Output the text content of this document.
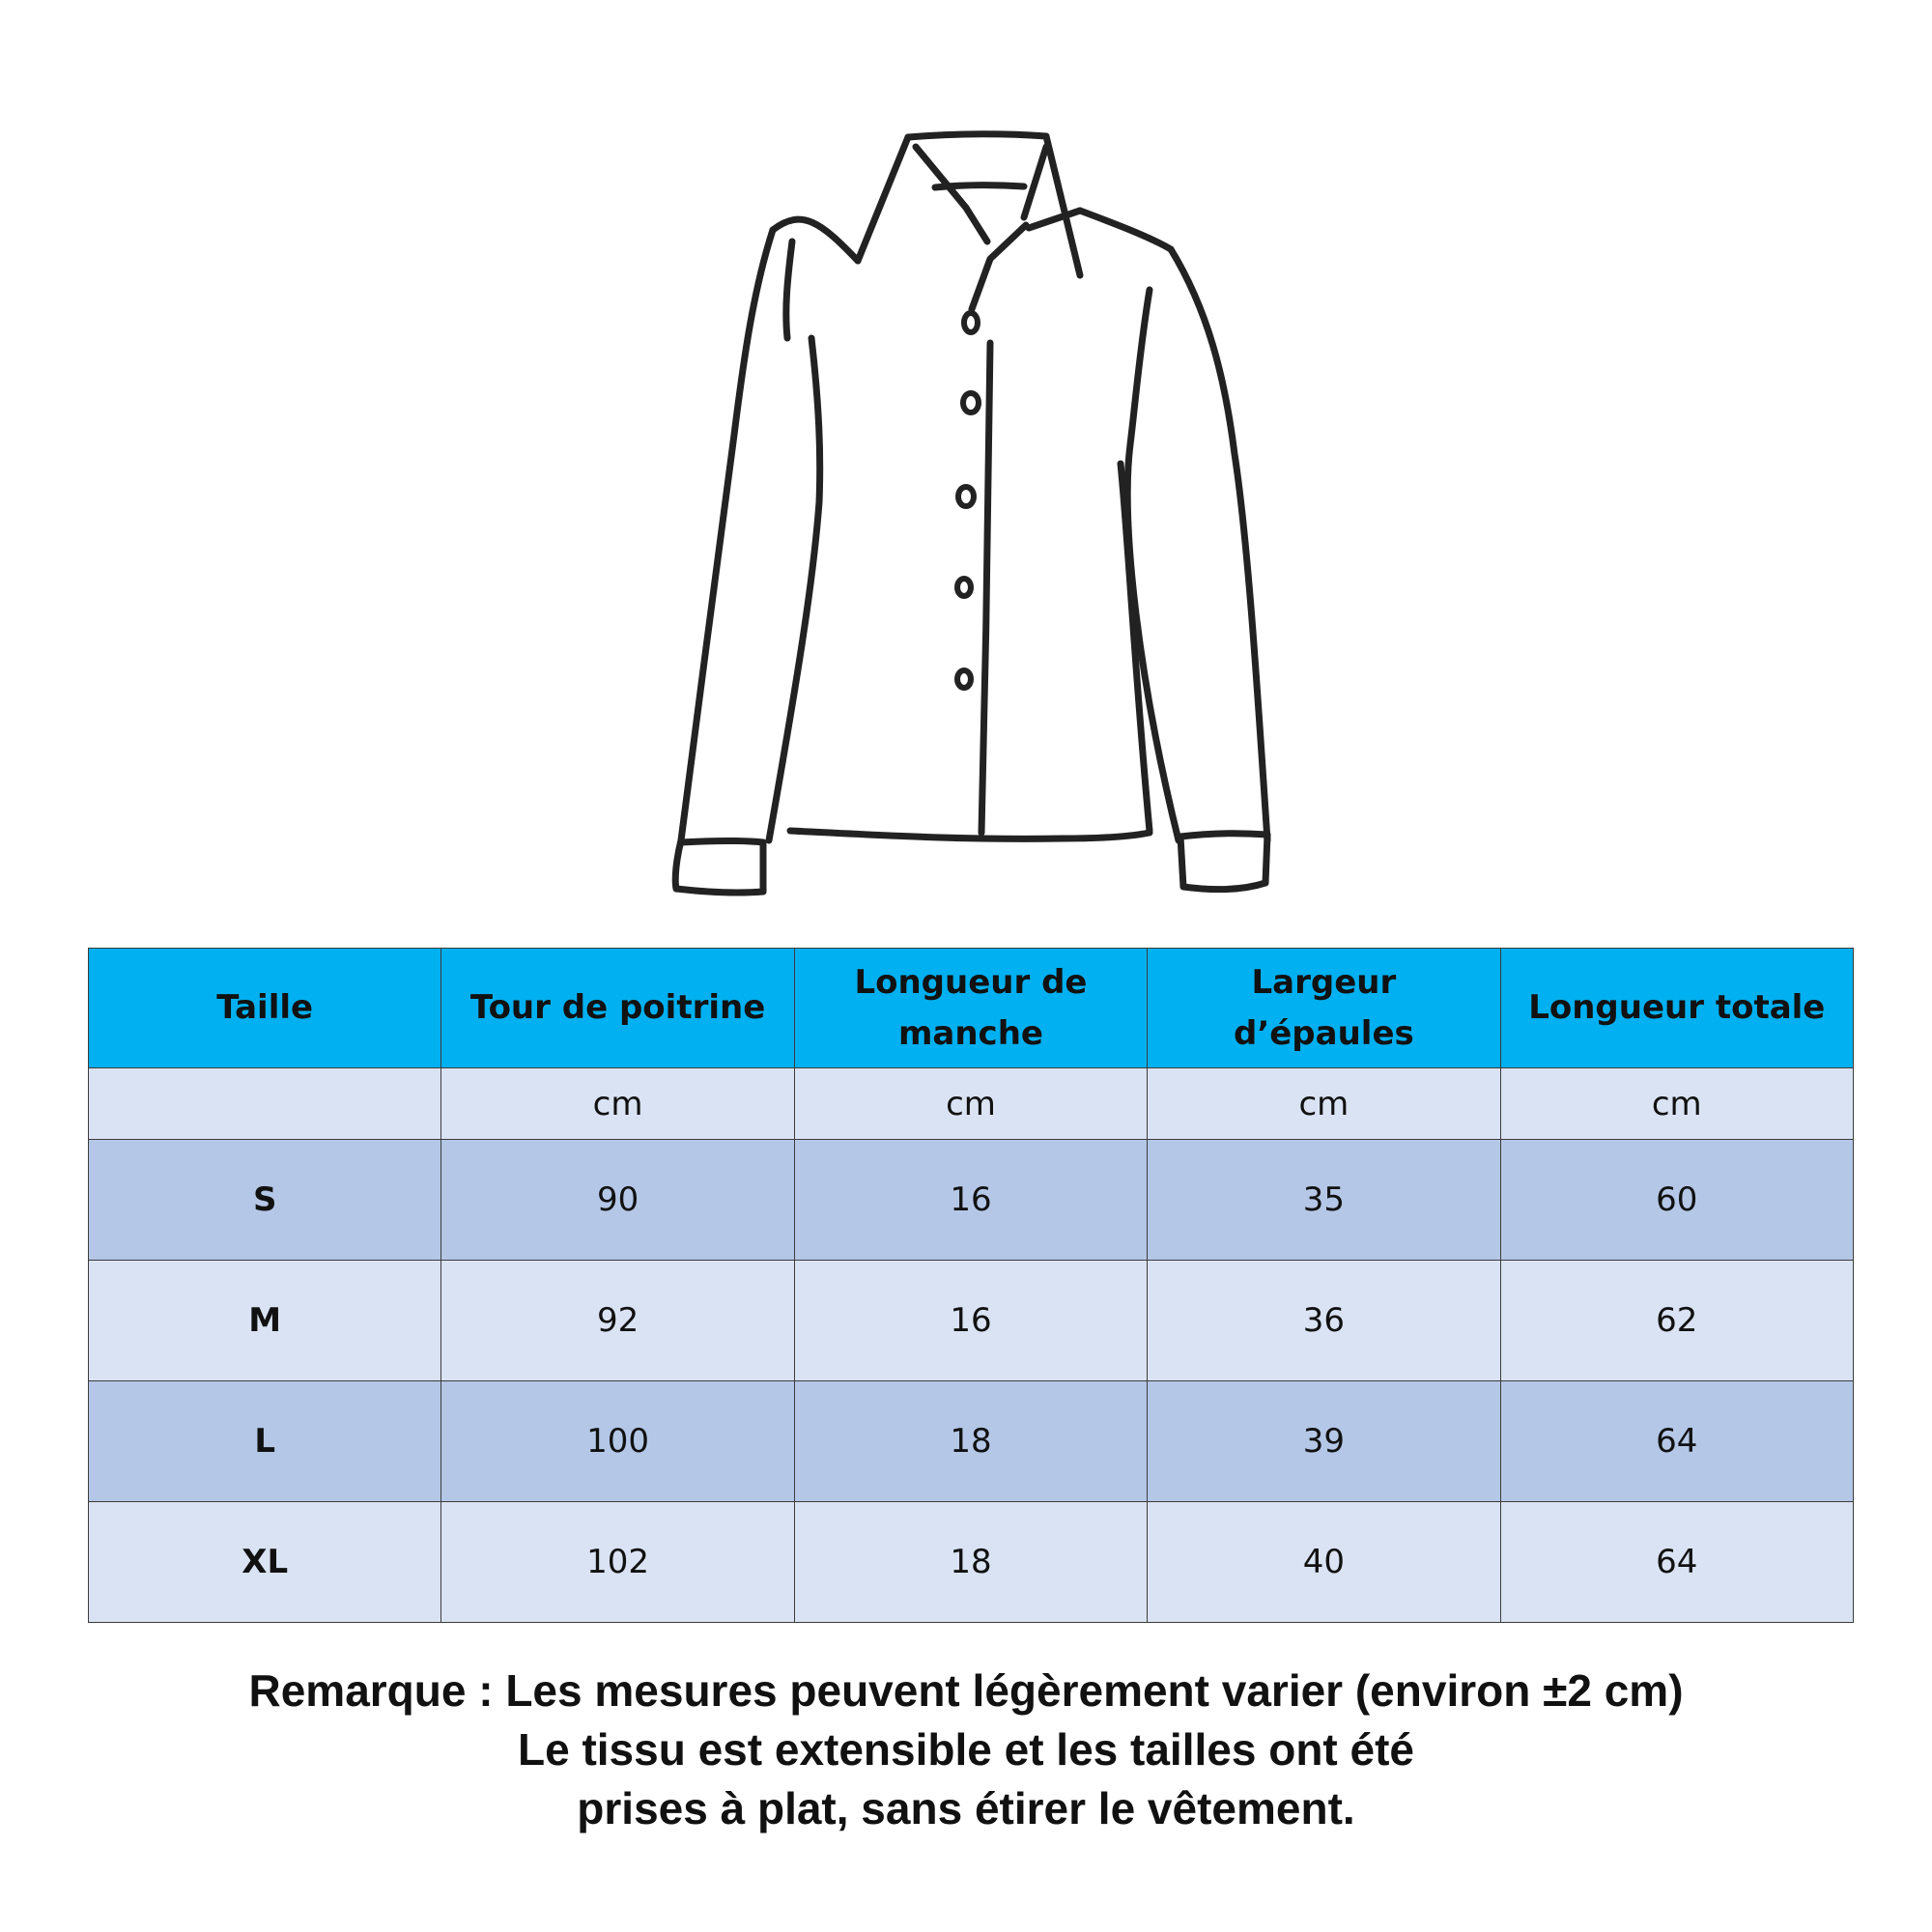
Taille	Tour de poitrine	Longueur de manche	Largeur d’épaules	Longueur totale
	cm	cm	cm	cm
S	90	16	35	60
M	92	16	36	62
L	100	18	39	64
XL	102	18	40	64
Remarque : Les mesures peuvent légèrement varier (environ ±2 cm)
Le tissu est extensible et les tailles ont été
prises à plat, sans étirer le vêtement.
